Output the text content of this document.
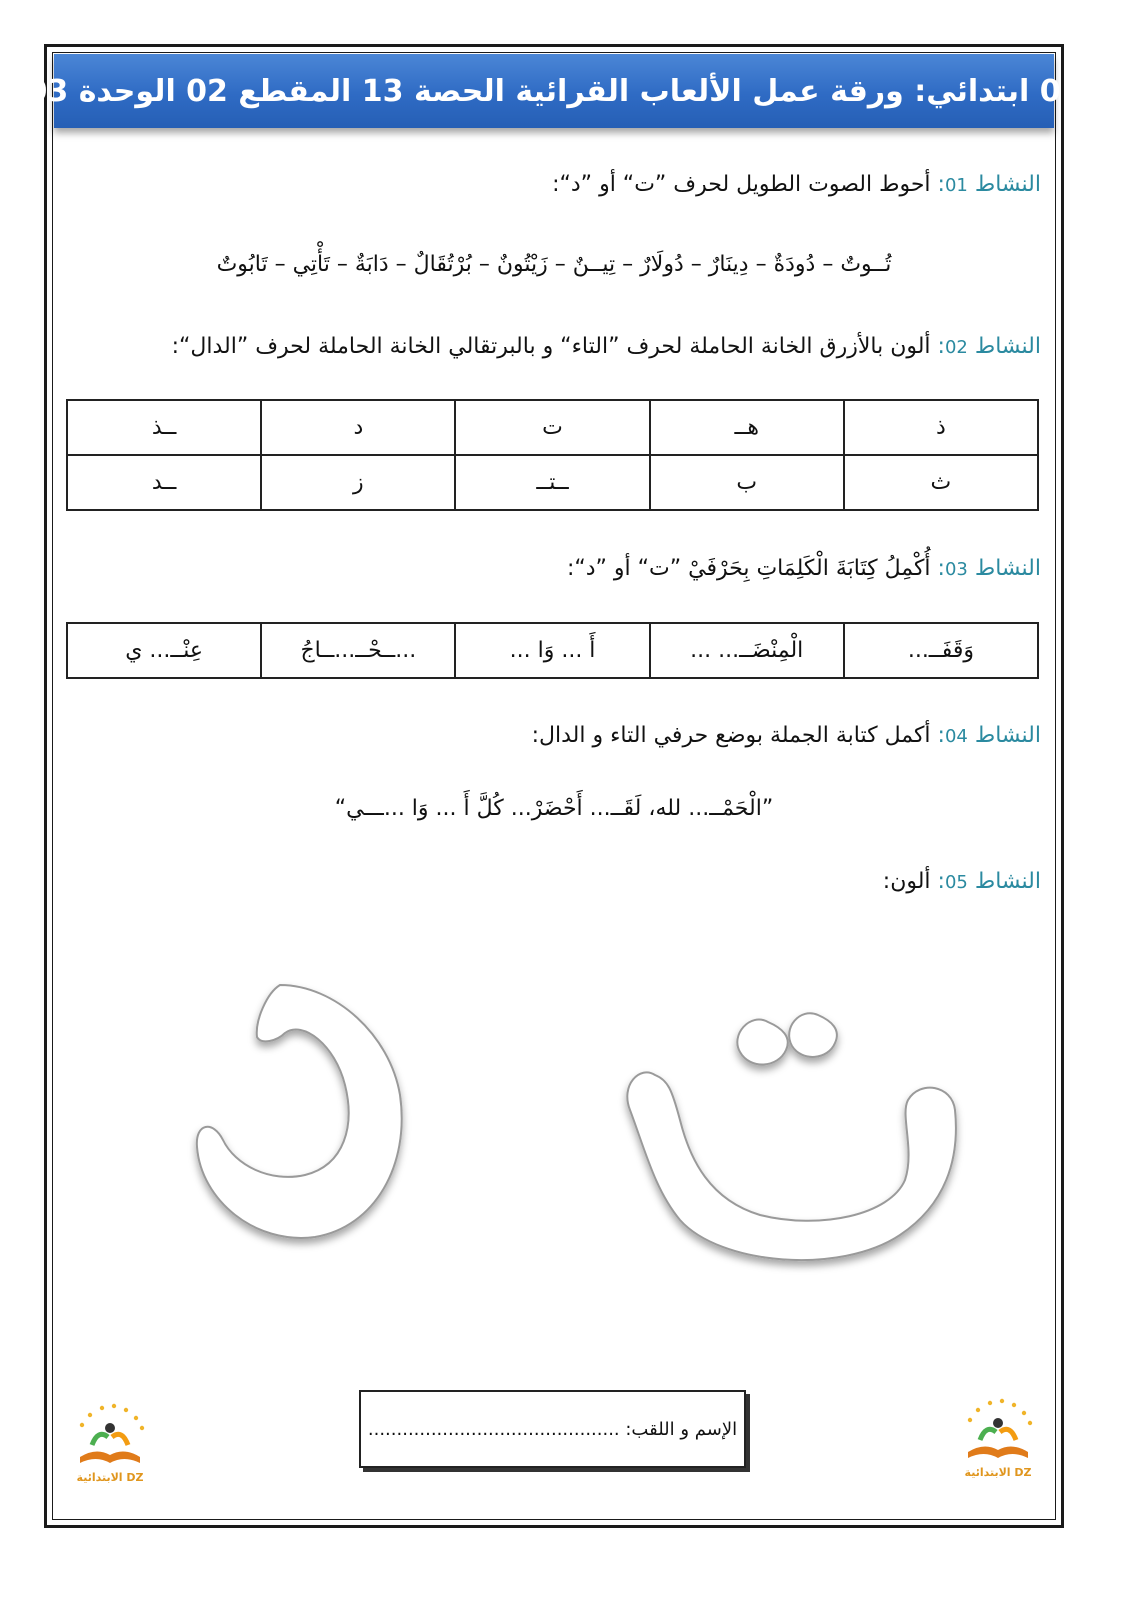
01 ابتدائي: ورقة عمل الألعاب القرائية الحصة 13 المقطع 02 الوحدة 03
النشاط 01: أحوط الصوت الطويل لحرف ”ت“ أو ”د“:
تُــوتٌ – دُودَةٌ – دِينَارٌ – دُولَارٌ – تِيــنٌ – زَيْتُونٌ – بُرْتُقَالٌ – دَابَةٌ – تَأْتِي – تَابُوتٌ
النشاط 02: ألون بالأزرق الخانة الحاملة لحرف ”التاء“ و بالبرتقالي الخانة الحاملة لحرف ”الدال“:
ذ	هــ	ت	د	ــذ
ث	ب	ــتــ	ز	ــد
النشاط 03: أُكْمِلُ كِتَابَةَ الْكَلِمَاتِ بِحَرْفَيْ ”ت“ أو ”د“:
وَقَفَــ...	الْمِنْضَــ... ...	أَ ... وَا ...	...ــحْــ...ــاجُ	عِنْــ... ي
النشاط 04: أكمل كتابة الجملة بوضع حرفي التاء و الدال:
”الْحَمْــ... لله، لَقَــ... أَحْضَرْ... كُلَّ أَ ... وَا ...ـــي“
النشاط 05: ألون:
الإسم و اللقب: ............................................
الابتدائية DZ	الابتدائية DZ
